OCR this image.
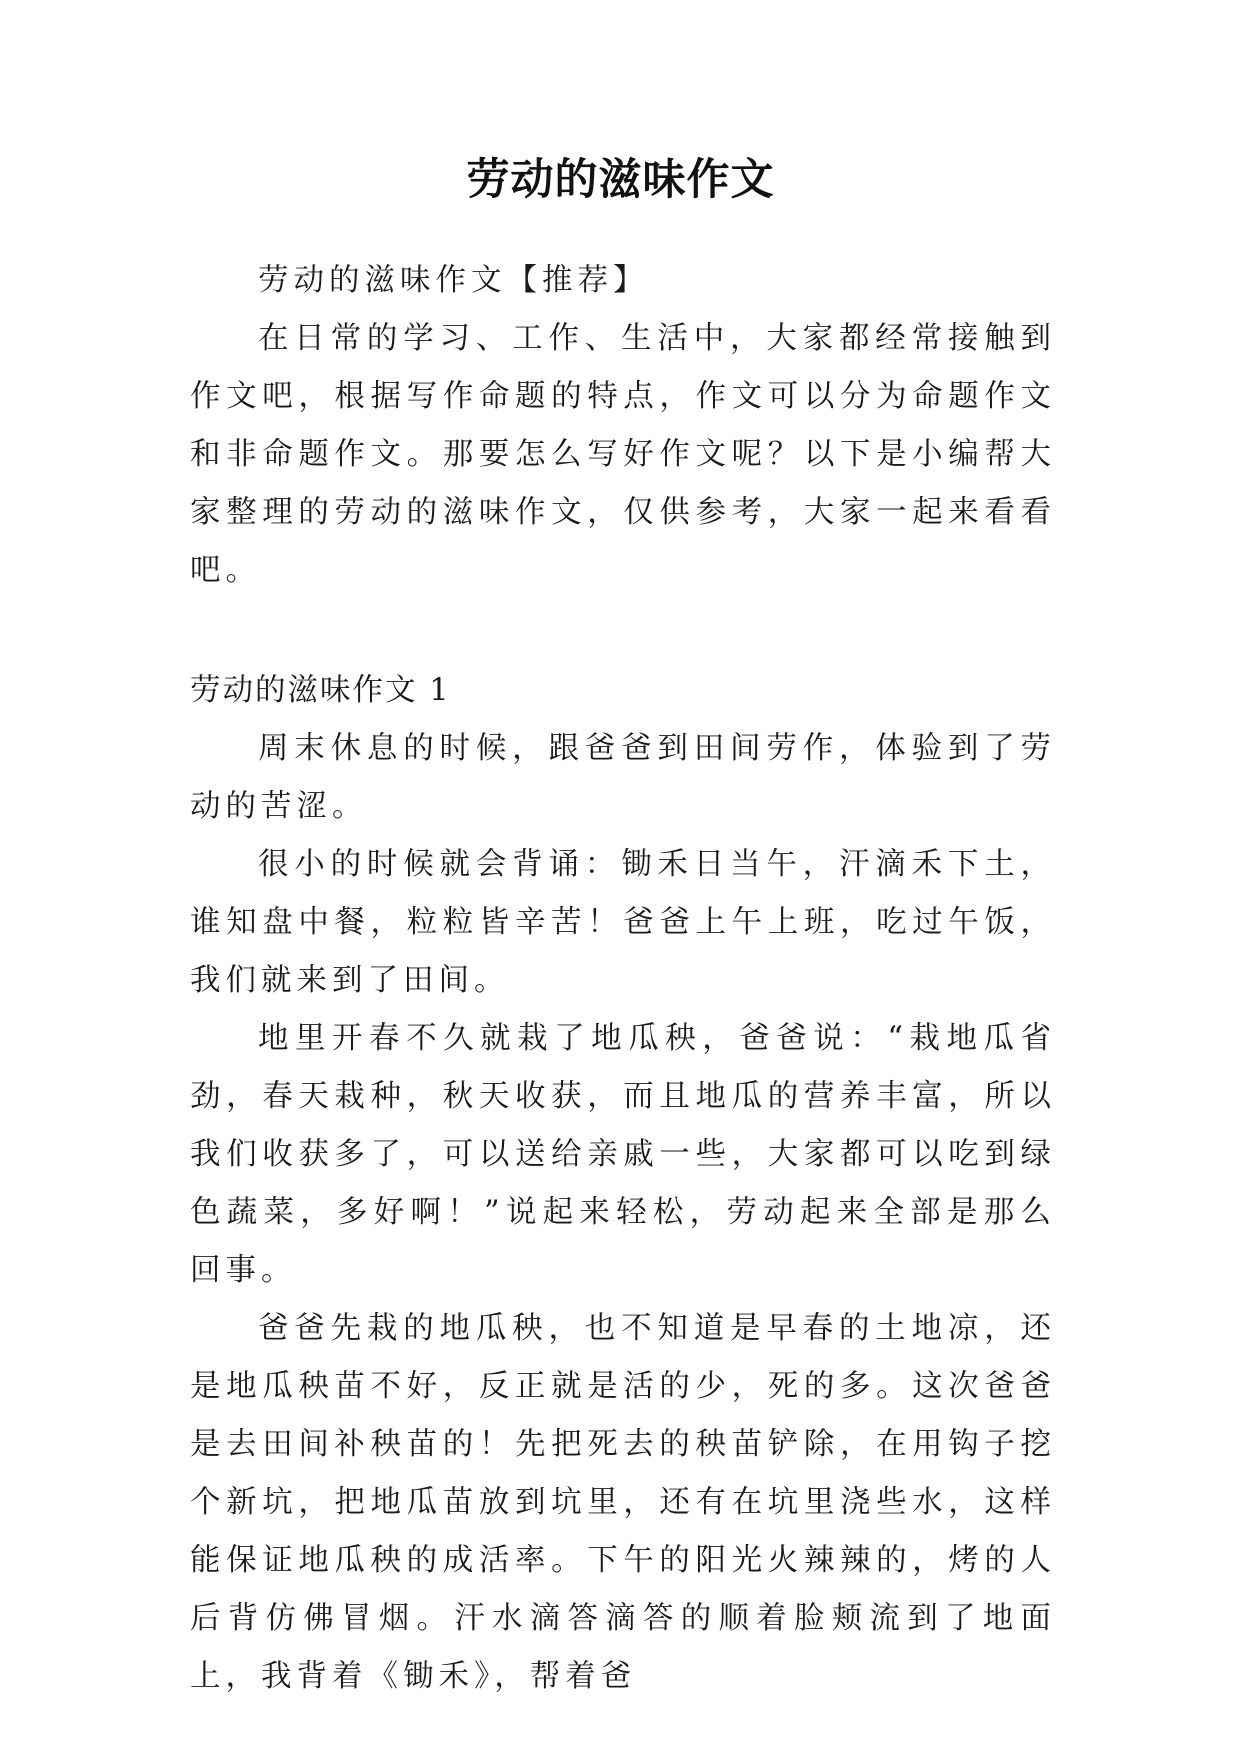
劳动的滋味作文

劳动的滋味作文【推荐】

在日常的学习、工作、生活中，大家都经常接触到作文吧，根据写作命题的特点，作文可以分为命题作文和非命题作文。那要怎么写好作文呢？以下是小编帮大家整理的劳动的滋味作文，仅供参考，大家一起来看看吧。

劳动的滋味作文 1

周末休息的时候，跟爸爸到田间劳作，体验到了劳动的苦涩。

很小的时候就会背诵：锄禾日当午，汗滴禾下土，谁知盘中餐，粒粒皆辛苦！爸爸上午上班，吃过午饭，我们就来到了田间。

地里开春不久就栽了地瓜秧，爸爸说：“栽地瓜省劲，春天栽种，秋天收获，而且地瓜的营养丰富，所以我们收获多了，可以送给亲戚一些，大家都可以吃到绿色蔬菜，多好啊！”说起来轻松，劳动起来全部是那么回事。

爸爸先栽的地瓜秧，也不知道是早春的土地凉，还是地瓜秧苗不好，反正就是活的少，死的多。这次爸爸是去田间补秧苗的！先把死去的秧苗铲除，在用钩子挖个新坑，把地瓜苗放到坑里，还有在坑里浇些水，这样能保证地瓜秧的成活率。下午的阳光火辣辣的，烤的人后背仿佛冒烟。汗水滴答滴答的顺着脸颊流到了地面上，我背着《锄禾》，帮着爸
